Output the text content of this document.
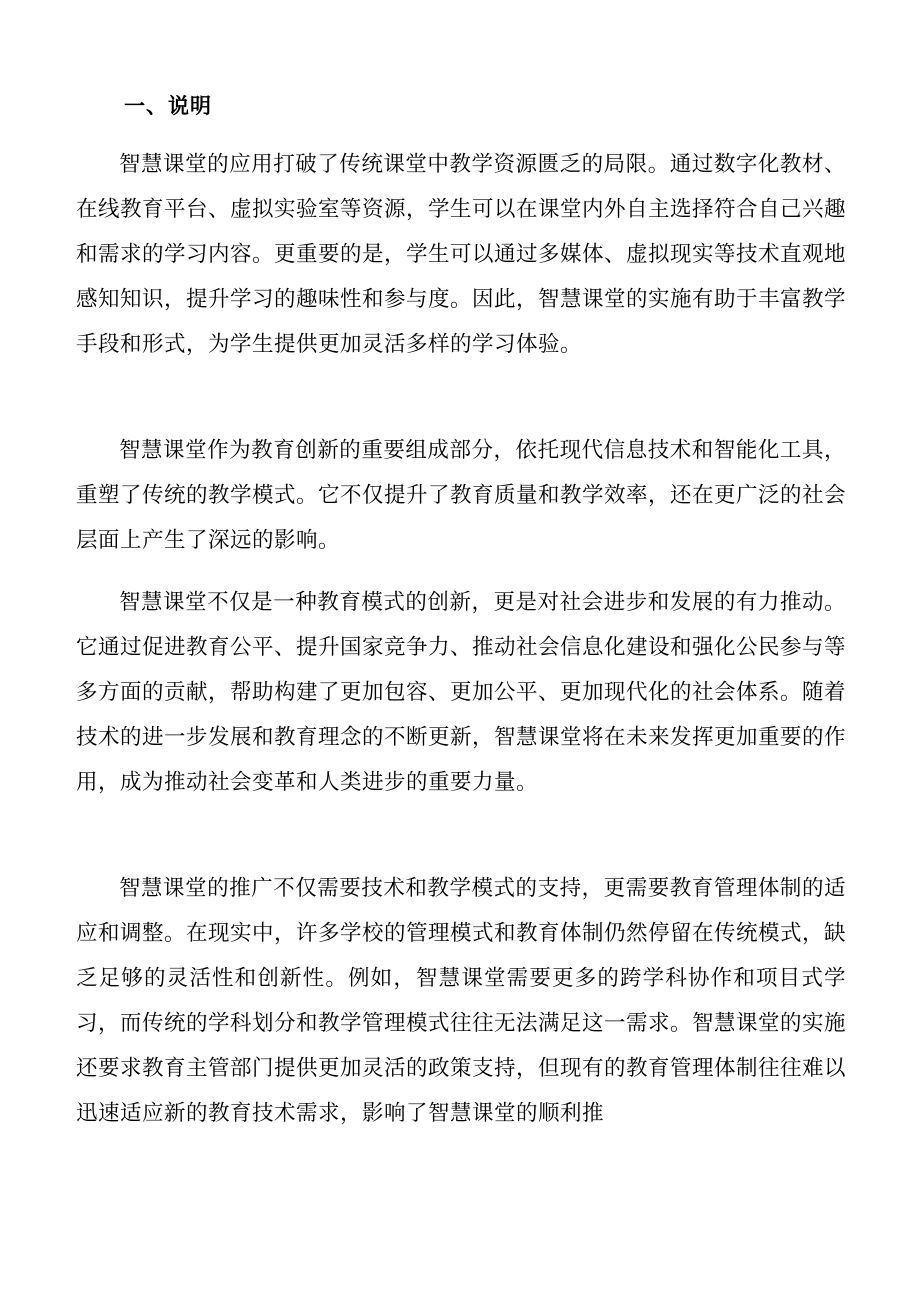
一、说明

智慧课堂的应用打破了传统课堂中教学资源匮乏的局限。通过数字化教材、在线教育平台、虚拟实验室等资源，学生可以在课堂内外自主选择符合自己兴趣和需求的学习内容。更重要的是，学生可以通过多媒体、虚拟现实等技术直观地感知知识，提升学习的趣味性和参与度。因此，智慧课堂的实施有助于丰富教学手段和形式，为学生提供更加灵活多样的学习体验。

智慧课堂作为教育创新的重要组成部分，依托现代信息技术和智能化工具，重塑了传统的教学模式。它不仅提升了教育质量和教学效率，还在更广泛的社会层面上产生了深远的影响。

智慧课堂不仅是一种教育模式的创新，更是对社会进步和发展的有力推动。它通过促进教育公平、提升国家竞争力、推动社会信息化建设和强化公民参与等多方面的贡献，帮助构建了更加包容、更加公平、更加现代化的社会体系。随着技术的进一步发展和教育理念的不断更新，智慧课堂将在未来发挥更加重要的作用，成为推动社会变革和人类进步的重要力量。

智慧课堂的推广不仅需要技术和教学模式的支持，更需要教育管理体制的适应和调整。在现实中，许多学校的管理模式和教育体制仍然停留在传统模式，缺乏足够的灵活性和创新性。例如，智慧课堂需要更多的跨学科协作和项目式学习，而传统的学科划分和教学管理模式往往无法满足这一需求。智慧课堂的实施还要求教育主管部门提供更加灵活的政策支持，但现有的教育管理体制往往难以迅速适应新的教育技术需求，影响了智慧课堂的顺利推
